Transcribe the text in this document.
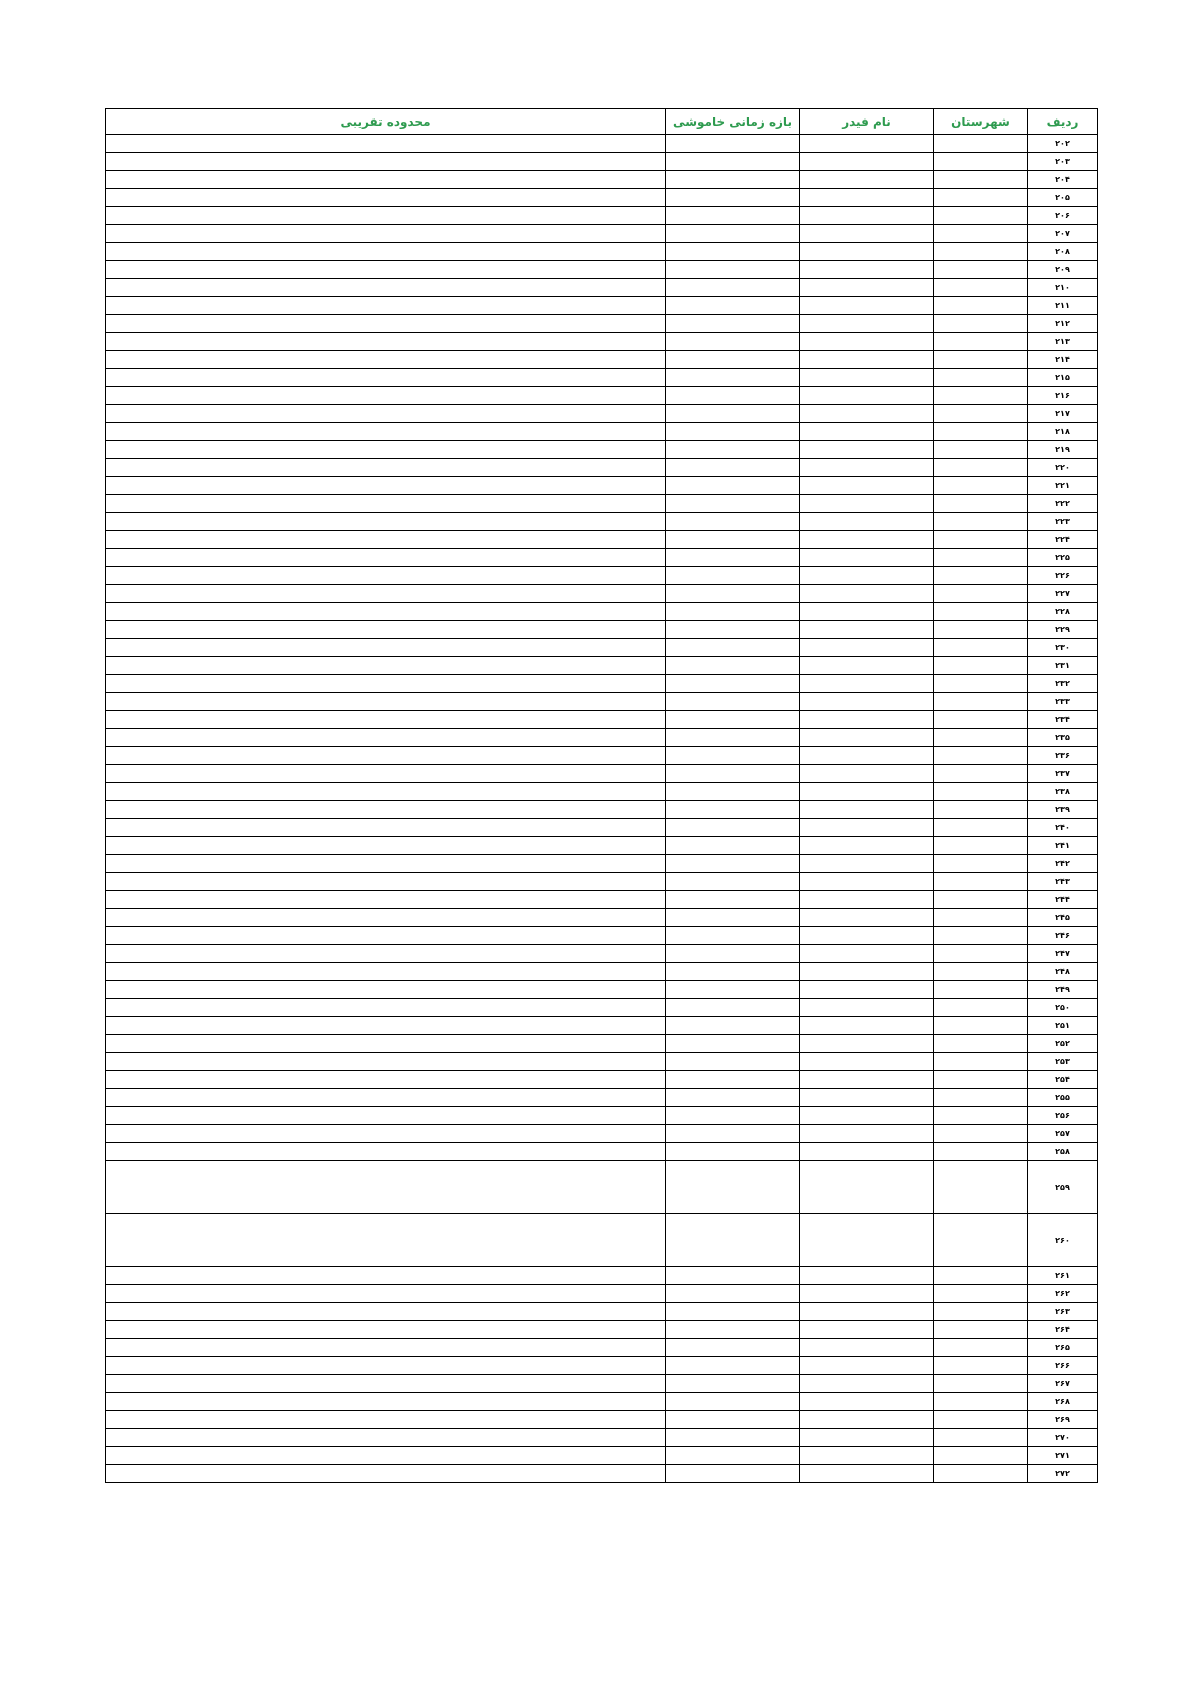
ردیف	شهرستان	نام فیدر	بازه زمانی خاموشی	محدوده تقریبی
۲۰۲				
۲۰۳				
۲۰۴				
۲۰۵				
۲۰۶				
۲۰۷				
۲۰۸				
۲۰۹				
۲۱۰				
۲۱۱				
۲۱۲				
۲۱۳				
۲۱۴				
۲۱۵				
۲۱۶				
۲۱۷				
۲۱۸				
۲۱۹				
۲۲۰				
۲۲۱				
۲۲۲				
۲۲۳				
۲۲۴				
۲۲۵				
۲۲۶				
۲۲۷				
۲۲۸				
۲۲۹				
۲۳۰				
۲۳۱				
۲۳۲				
۲۳۳				
۲۳۴				
۲۳۵				
۲۳۶				
۲۳۷				
۲۳۸				
۲۳۹				
۲۴۰				
۲۴۱				
۲۴۲				
۲۴۳				
۲۴۴				
۲۴۵				
۲۴۶				
۲۴۷				
۲۴۸				
۲۴۹				
۲۵۰				
۲۵۱				
۲۵۲				
۲۵۳				
۲۵۴				
۲۵۵				
۲۵۶				
۲۵۷				
۲۵۸				
۲۵۹				
۲۶۰				
۲۶۱				
۲۶۲				
۲۶۳				
۲۶۴				
۲۶۵				
۲۶۶				
۲۶۷				
۲۶۸				
۲۶۹				
۲۷۰				
۲۷۱				
۲۷۲				
